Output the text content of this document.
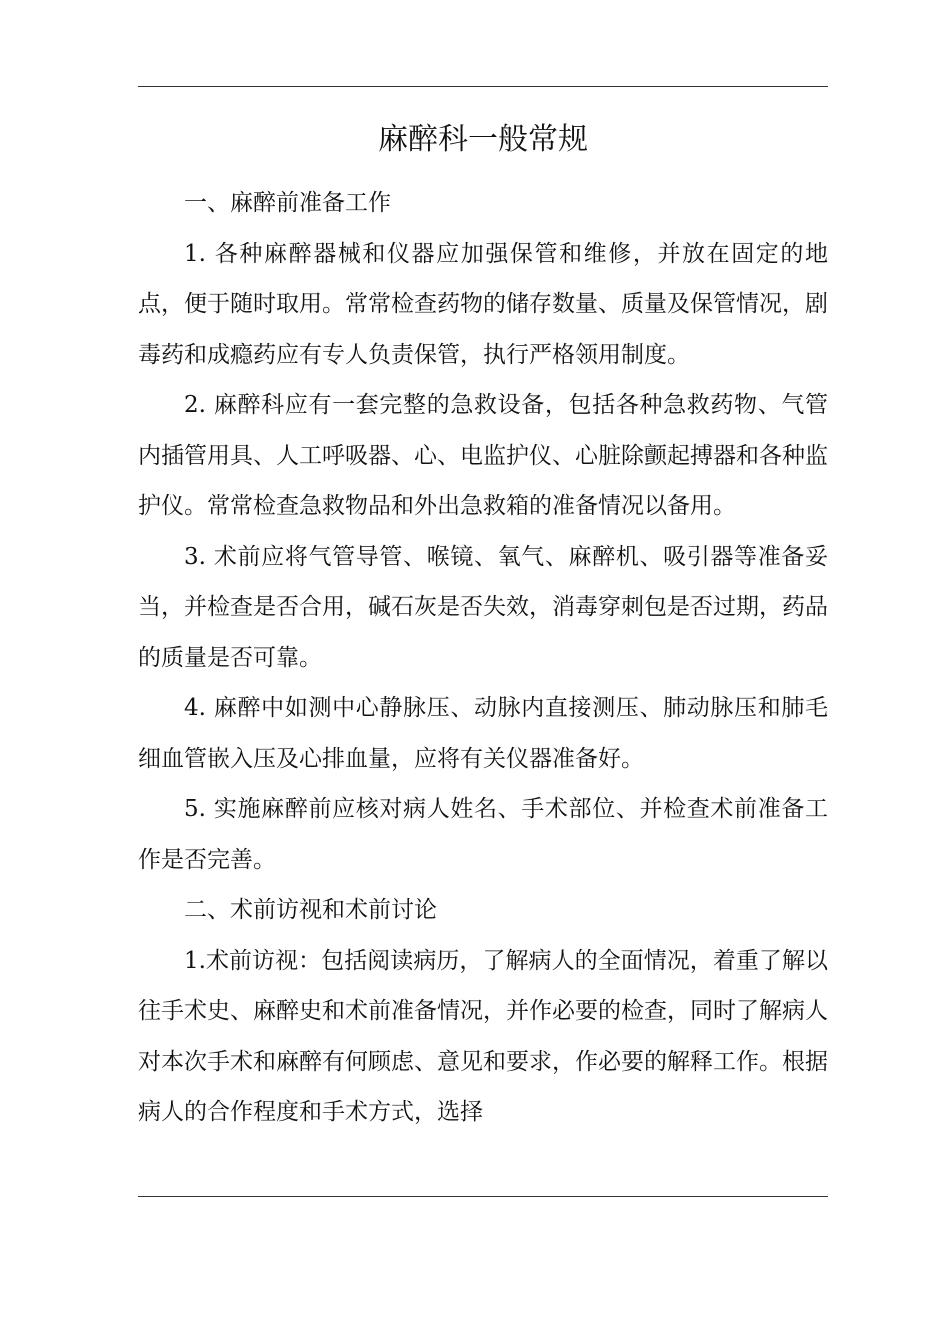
麻醉科一般常规

一、麻醉前准备工作

1. 各种麻醉器械和仪器应加强保管和维修，并放在固定的地点，便于随时取用。常常检查药物的储存数量、质量及保管情况，剧毒药和成瘾药应有专人负责保管，执行严格领用制度。

2. 麻醉科应有一套完整的急救设备，包括各种急救药物、气管内插管用具、人工呼吸器、心、电监护仪、心脏除颤起搏器和各种监护仪。常常检查急救物品和外出急救箱的准备情况以备用。

3. 术前应将气管导管、喉镜、氧气、麻醉机、吸引器等准备妥当，并检查是否合用，碱石灰是否失效，消毒穿刺包是否过期，药品的质量是否可靠。

4. 麻醉中如测中心静脉压、动脉内直接测压、肺动脉压和肺毛细血管嵌入压及心排血量，应将有关仪器准备好。

5. 实施麻醉前应核对病人姓名、手术部位、并检查术前准备工作是否完善。

二、术前访视和术前讨论

1.术前访视：包括阅读病历，了解病人的全面情况，着重了解以往手术史、麻醉史和术前准备情况，并作必要的检查，同时了解病人对本次手术和麻醉有何顾虑、意见和要求，作必要的解释工作。根据病人的合作程度和手术方式，选择
